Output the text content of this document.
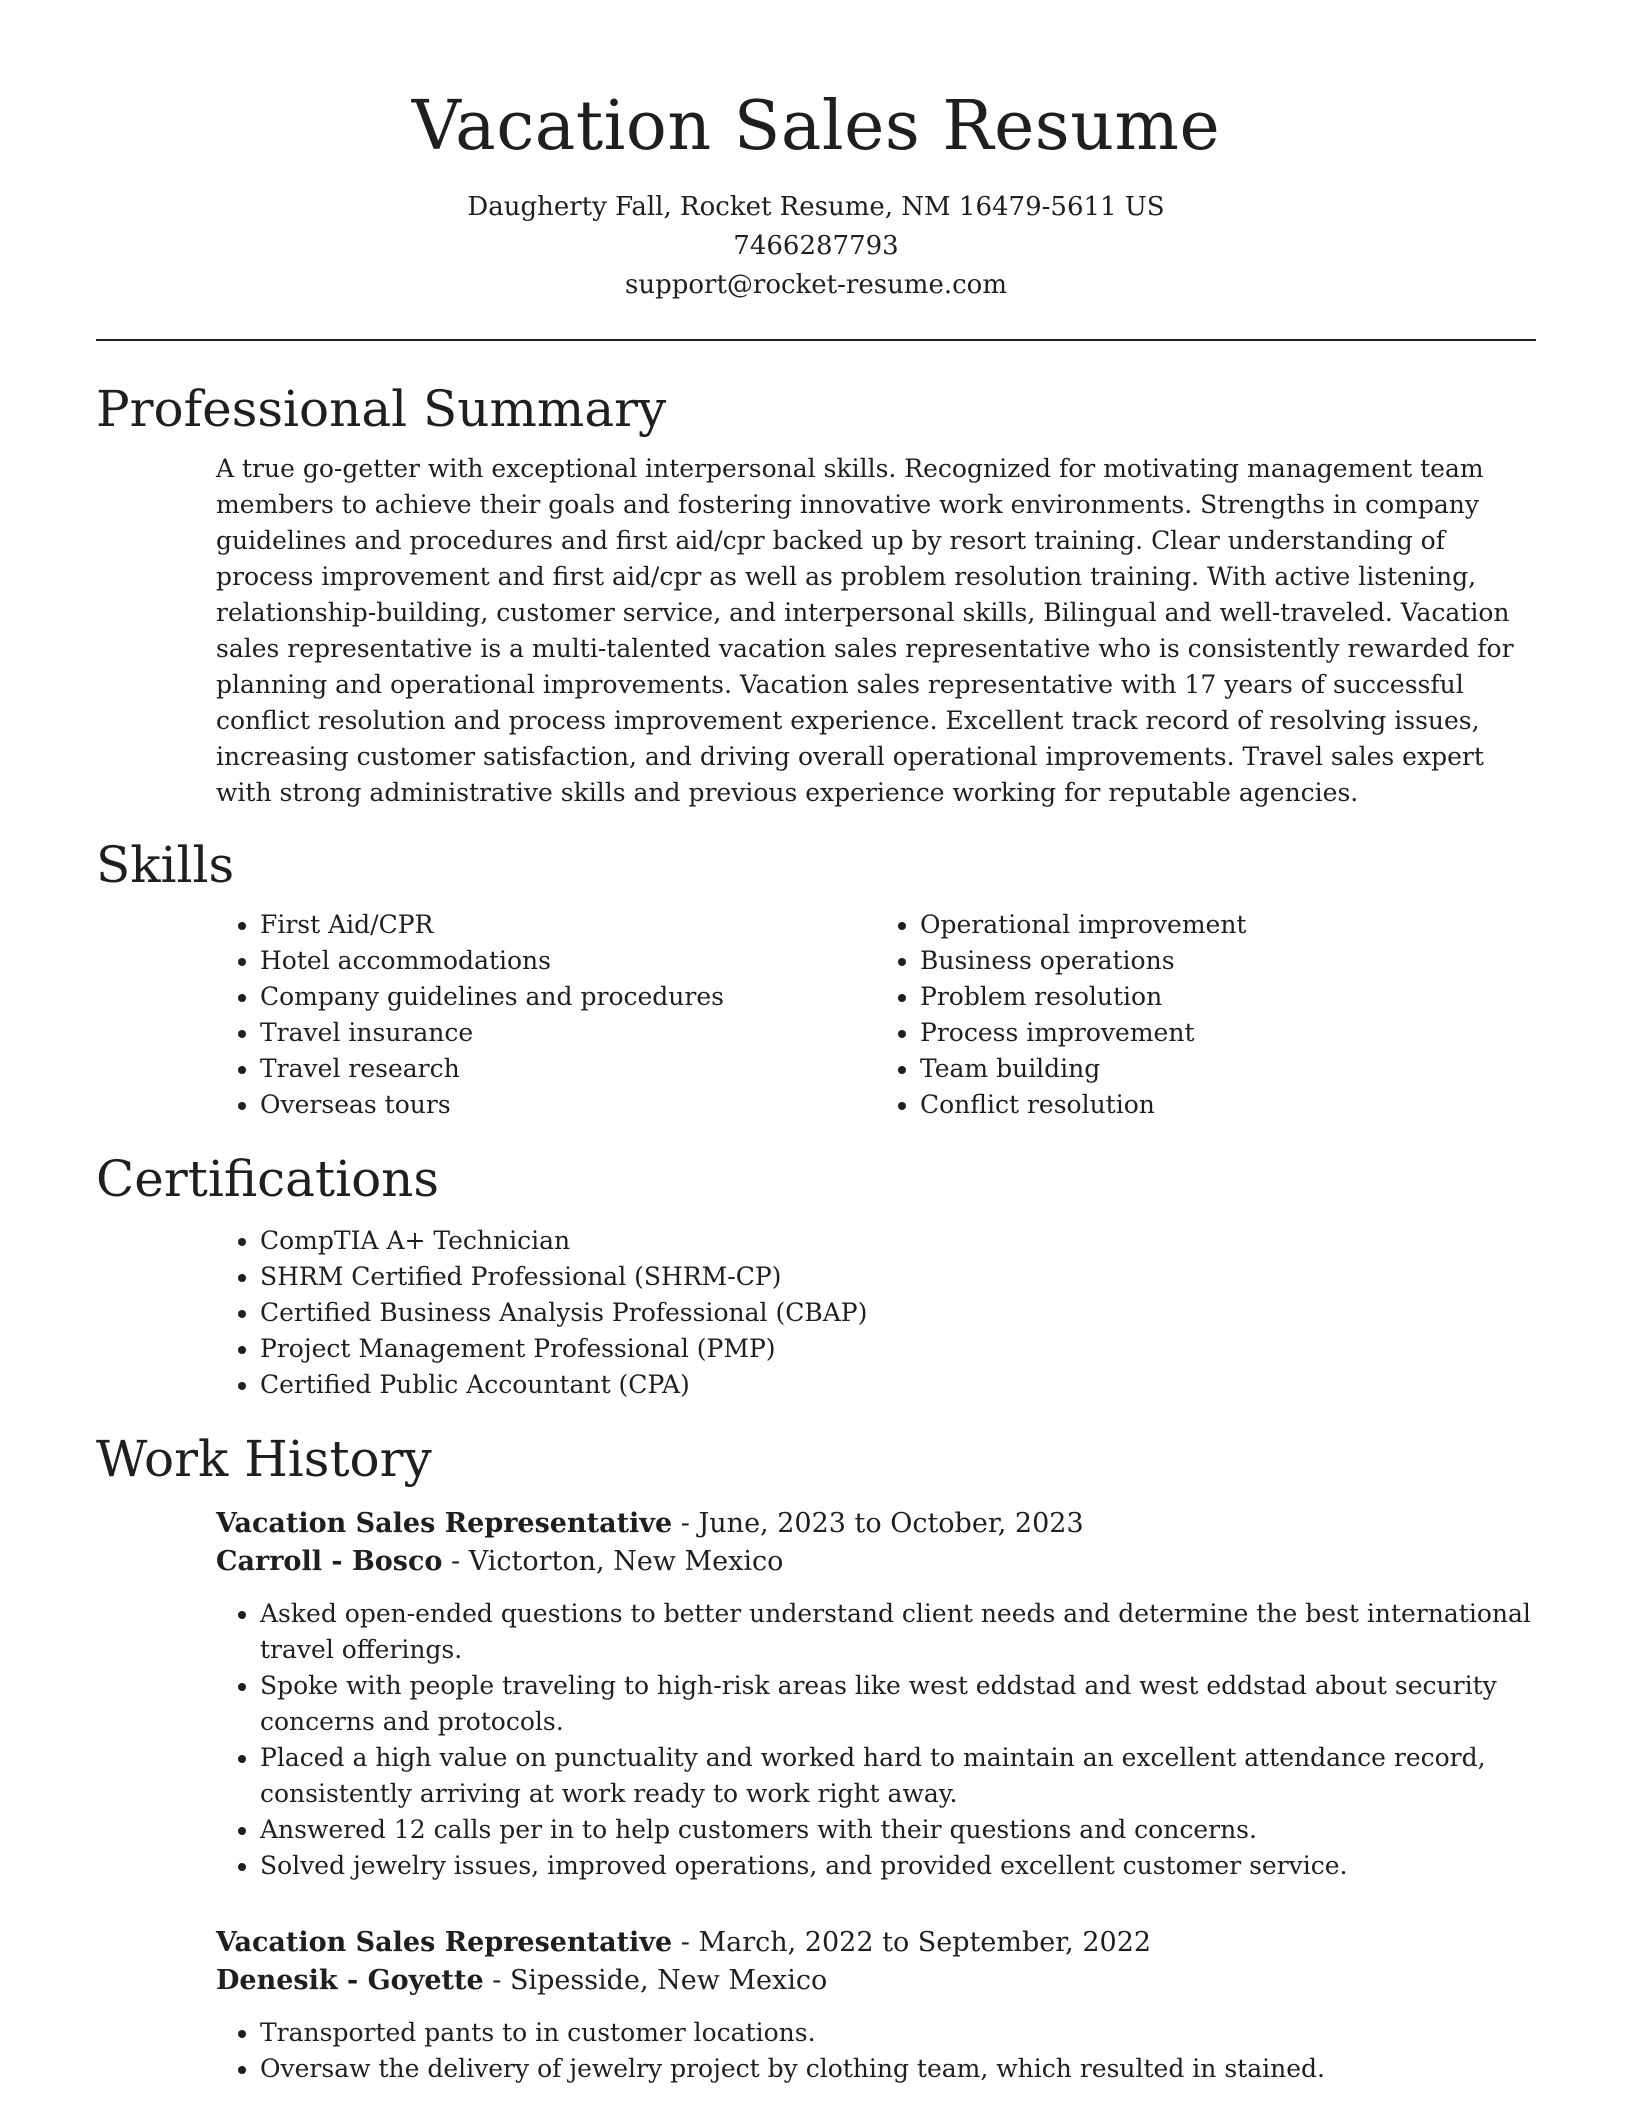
Vacation Sales Resume
Daugherty Fall, Rocket Resume, NM 16479-5611 US
7466287793
support@rocket-resume.com
Professional Summary

A true go-getter with exceptional interpersonal skills. Recognized for motivating management team members to achieve their goals and fostering innovative work environments. Strengths in company guidelines and procedures and first aid/cpr backed up by resort training. Clear understanding of process improvement and first aid/cpr as well as problem resolution training. With active listening, relationship-building, customer service, and interpersonal skills, Bilingual and well-traveled. Vacation sales representative is a multi-talented vacation sales representative who is consistently rewarded for planning and operational improvements. Vacation sales representative with 17 years of successful conflict resolution and process improvement experience. Excellent track record of resolving issues, increasing customer satisfaction, and driving overall operational improvements. Travel sales expert with strong administrative skills and previous experience working for reputable agencies.

Skills
• First Aid/CPR
• Hotel accommodations
• Company guidelines and procedures
• Travel insurance
• Travel research
• Overseas tours
• Operational improvement
• Business operations
• Problem resolution
• Process improvement
• Team building
• Conflict resolution
Certifications
• CompTIA A+ Technician
• SHRM Certified Professional (SHRM-CP)
• Certified Business Analysis Professional (CBAP)
• Project Management Professional (PMP)
• Certified Public Accountant (CPA)
Work History
Vacation Sales Representative - June, 2023 to October, 2023
Carroll - Bosco - Victorton, New Mexico
• Asked open-ended questions to better understand client needs and determine the best international travel offerings.
• Spoke with people traveling to high-risk areas like west eddstad and west eddstad about security concerns and protocols.
• Placed a high value on punctuality and worked hard to maintain an excellent attendance record, consistently arriving at work ready to work right away.
• Answered 12 calls per in to help customers with their questions and concerns.
• Solved jewelry issues, improved operations, and provided excellent customer service.
Vacation Sales Representative - March, 2022 to September, 2022
Denesik - Goyette - Sipesside, New Mexico
• Transported pants to in customer locations.
• Oversaw the delivery of jewelry project by clothing team, which resulted in stained.
